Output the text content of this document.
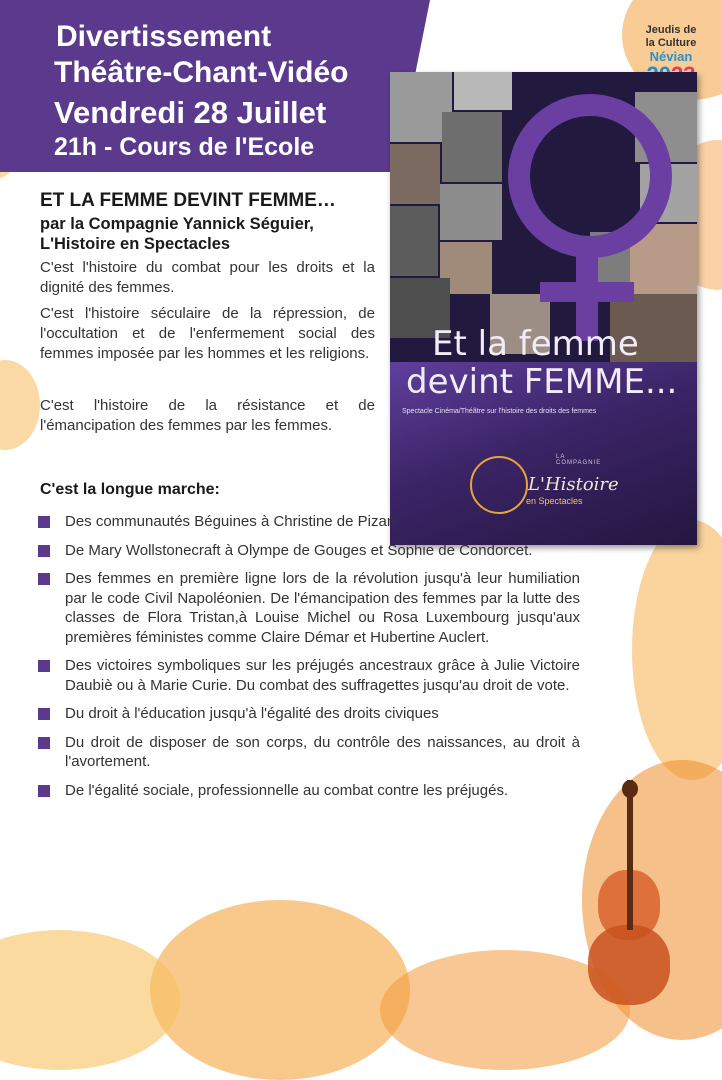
Divertissement
Théâtre-Chant-Vidéo
Vendredi 28 Juillet
21h - Cours de l'Ecole
Jeudis de
la Culture
Névian
Et la femme
devint FEMME...
Spectacle Cinéma/Théâtre sur l'histoire des droits des femmes
LA COMPAGNIE
L'Histoire
en Spectacles
ET LA FEMME DEVINT FEMME…
par la Compagnie Yannick Séguier,
L'Histoire en Spectacles
C'est l'histoire du combat pour les droits et la dignité des femmes.
C'est l'histoire séculaire de la répression, de l'occultation et de l'enfermement social des femmes imposée par les hommes et les religions.
C'est l'histoire de la résistance et de l'émancipation des femmes par les femmes.
C'est la longue marche:
Des communautés Béguines à Christine de Pizan.
De Mary Wollstonecraft à Olympe de Gouges et Sophie de Condorcet.
Des femmes en première ligne lors de la révolution jusqu'à leur humiliation par le code Civil Napoléonien. De l'émancipation des femmes par la lutte des classes de Flora Tristan,à Louise Michel ou Rosa Luxembourg jusqu'aux premières féministes comme Claire Démar et Hubertine Auclert.
Des victoires symboliques sur les préjugés ancestraux grâce à Julie Victoire Daubiè ou à Marie Curie. Du combat des suffragettes jusqu'au droit de vote.
Du droit à l'éducation jusqu'à l'égalité des droits civiques
Du droit de disposer de son corps, du contrôle des naissances, au droit à l'avortement.
De l'égalité sociale, professionnelle au combat contre les préjugés.
